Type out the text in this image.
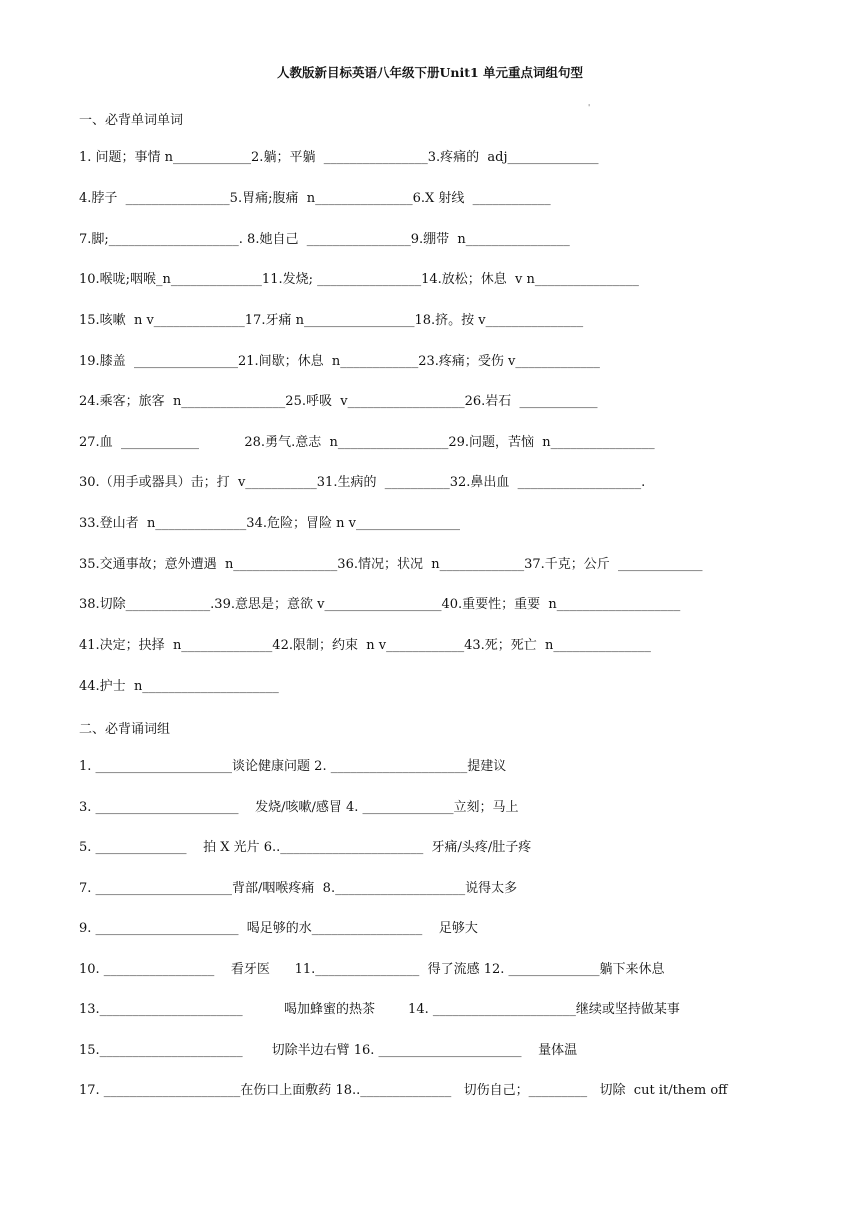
人教版新目标英语八年级下册Unit1 单元重点词组句型
'
一、必背单词单词
1. 问题；事情 n____________2.躺；平躺  ________________3.疼痛的  adj______________
4.脖子  ________________5.胃痛;腹痛  n_______________6.X 射线  ____________
7.脚;____________________. 8.她自己  ________________9.绷带  n________________
10.喉咙;咽喉_n______________11.发烧; ________________14.放松；休息  v n________________
15.咳嗽  n v______________17.牙痛 n_________________18.挤。按 v_______________
19.膝盖  ________________21.间歇；休息  n____________23.疼痛；受伤 v_____________
24.乘客；旅客  n________________25.呼吸  v__________________26.岩石  ____________
27.血  ____________           28.勇气.意志  n_________________29.问题，苦恼  n________________
30.（用手或器具）击；打  v___________31.生病的  __________32.鼻出血  ___________________.
33.登山者  n______________34.危险；冒险 n v________________
35.交通事故；意外遭遇  n________________36.情况；状况  n_____________37.千克；公斤  _____________
38.切除_____________.39.意思是；意欲 v__________________40.重要性；重要  n___________________
41.决定；抉择  n______________42.限制；约束  n v____________43.死；死亡  n_______________
44.护士  n_____________________
二、必背诵词组
1. _____________________谈论健康问题 2. _____________________提建议
3. ______________________    发烧/咳嗽/感冒 4. ______________立刻；马上
5. ______________    拍 X 光片 6..______________________  牙痛/头疼/肚子疼
7. _____________________背部/咽喉疼痛  8.____________________说得太多
9. ______________________  喝足够的水_________________    足够大
10. _________________    看牙医      11.________________  得了流感 12. ______________躺下来休息
13.______________________          喝加蜂蜜的热茶        14. ______________________继续或坚持做某事
15.______________________       切除半边右臂 16. ______________________    量体温
17. _____________________在伤口上面敷药 18..______________   切伤自己；_________   切除  cut it/them off
